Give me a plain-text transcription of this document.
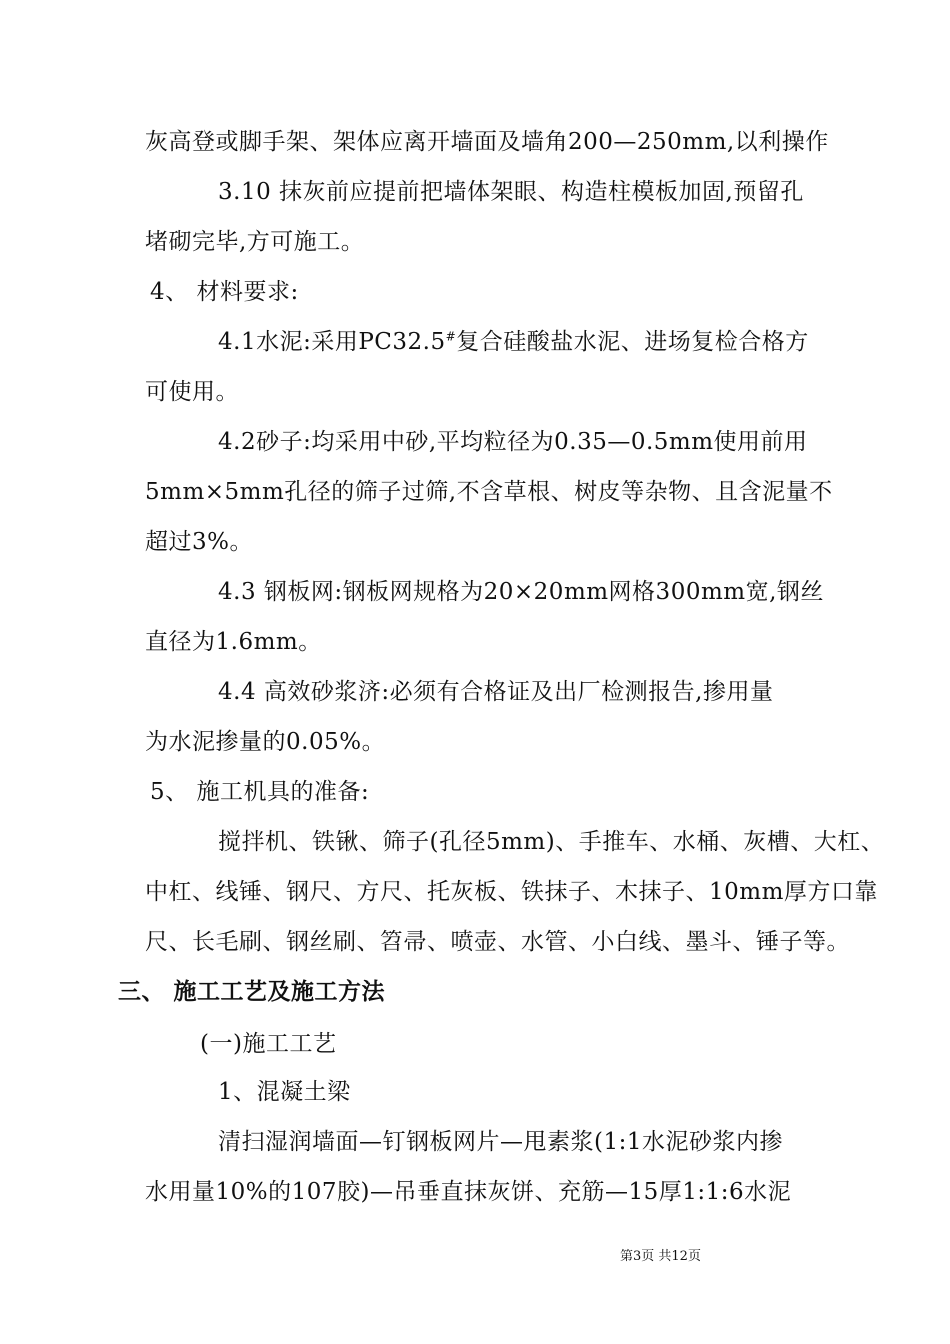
灰高登或脚手架、架体应离开墙面及墙角200—250mm,以利操作
3.10 抹灰前应提前把墙体架眼、构造柱模板加固,预留孔
堵砌完毕,方可施工。
4、 材料要求:
4.1水泥:采用PC32.5#复合硅酸盐水泥、进场复检合格方
可使用。
4.2砂子:均采用中砂,平均粒径为0.35—0.5mm使用前用
5mm×5mm孔径的筛子过筛,不含草根、树皮等杂物、且含泥量不
超过3%。
4.3 钢板网:钢板网规格为20×20mm网格300mm宽,钢丝
直径为1.6mm。
4.4 高效砂浆济:必须有合格证及出厂检测报告,掺用量
为水泥掺量的0.05%。
5、 施工机具的准备:
搅拌机、铁锹、筛子(孔径5mm)、手推车、水桶、灰槽、大杠、
中杠、线锤、钢尺、方尺、托灰板、铁抹子、木抹子、10mm厚方口靠
尺、长毛刷、钢丝刷、笤帚、喷壶、水管、小白线、墨斗、锤子等。
三、 施工工艺及施工方法
(一)施工工艺
1、混凝土梁
清扫湿润墙面—钉钢板网片—甩素浆(1:1水泥砂浆内掺
水用量10%的107胶)—吊垂直抹灰饼、充筋—15厚1:1:6水泥
第3页 共12页
